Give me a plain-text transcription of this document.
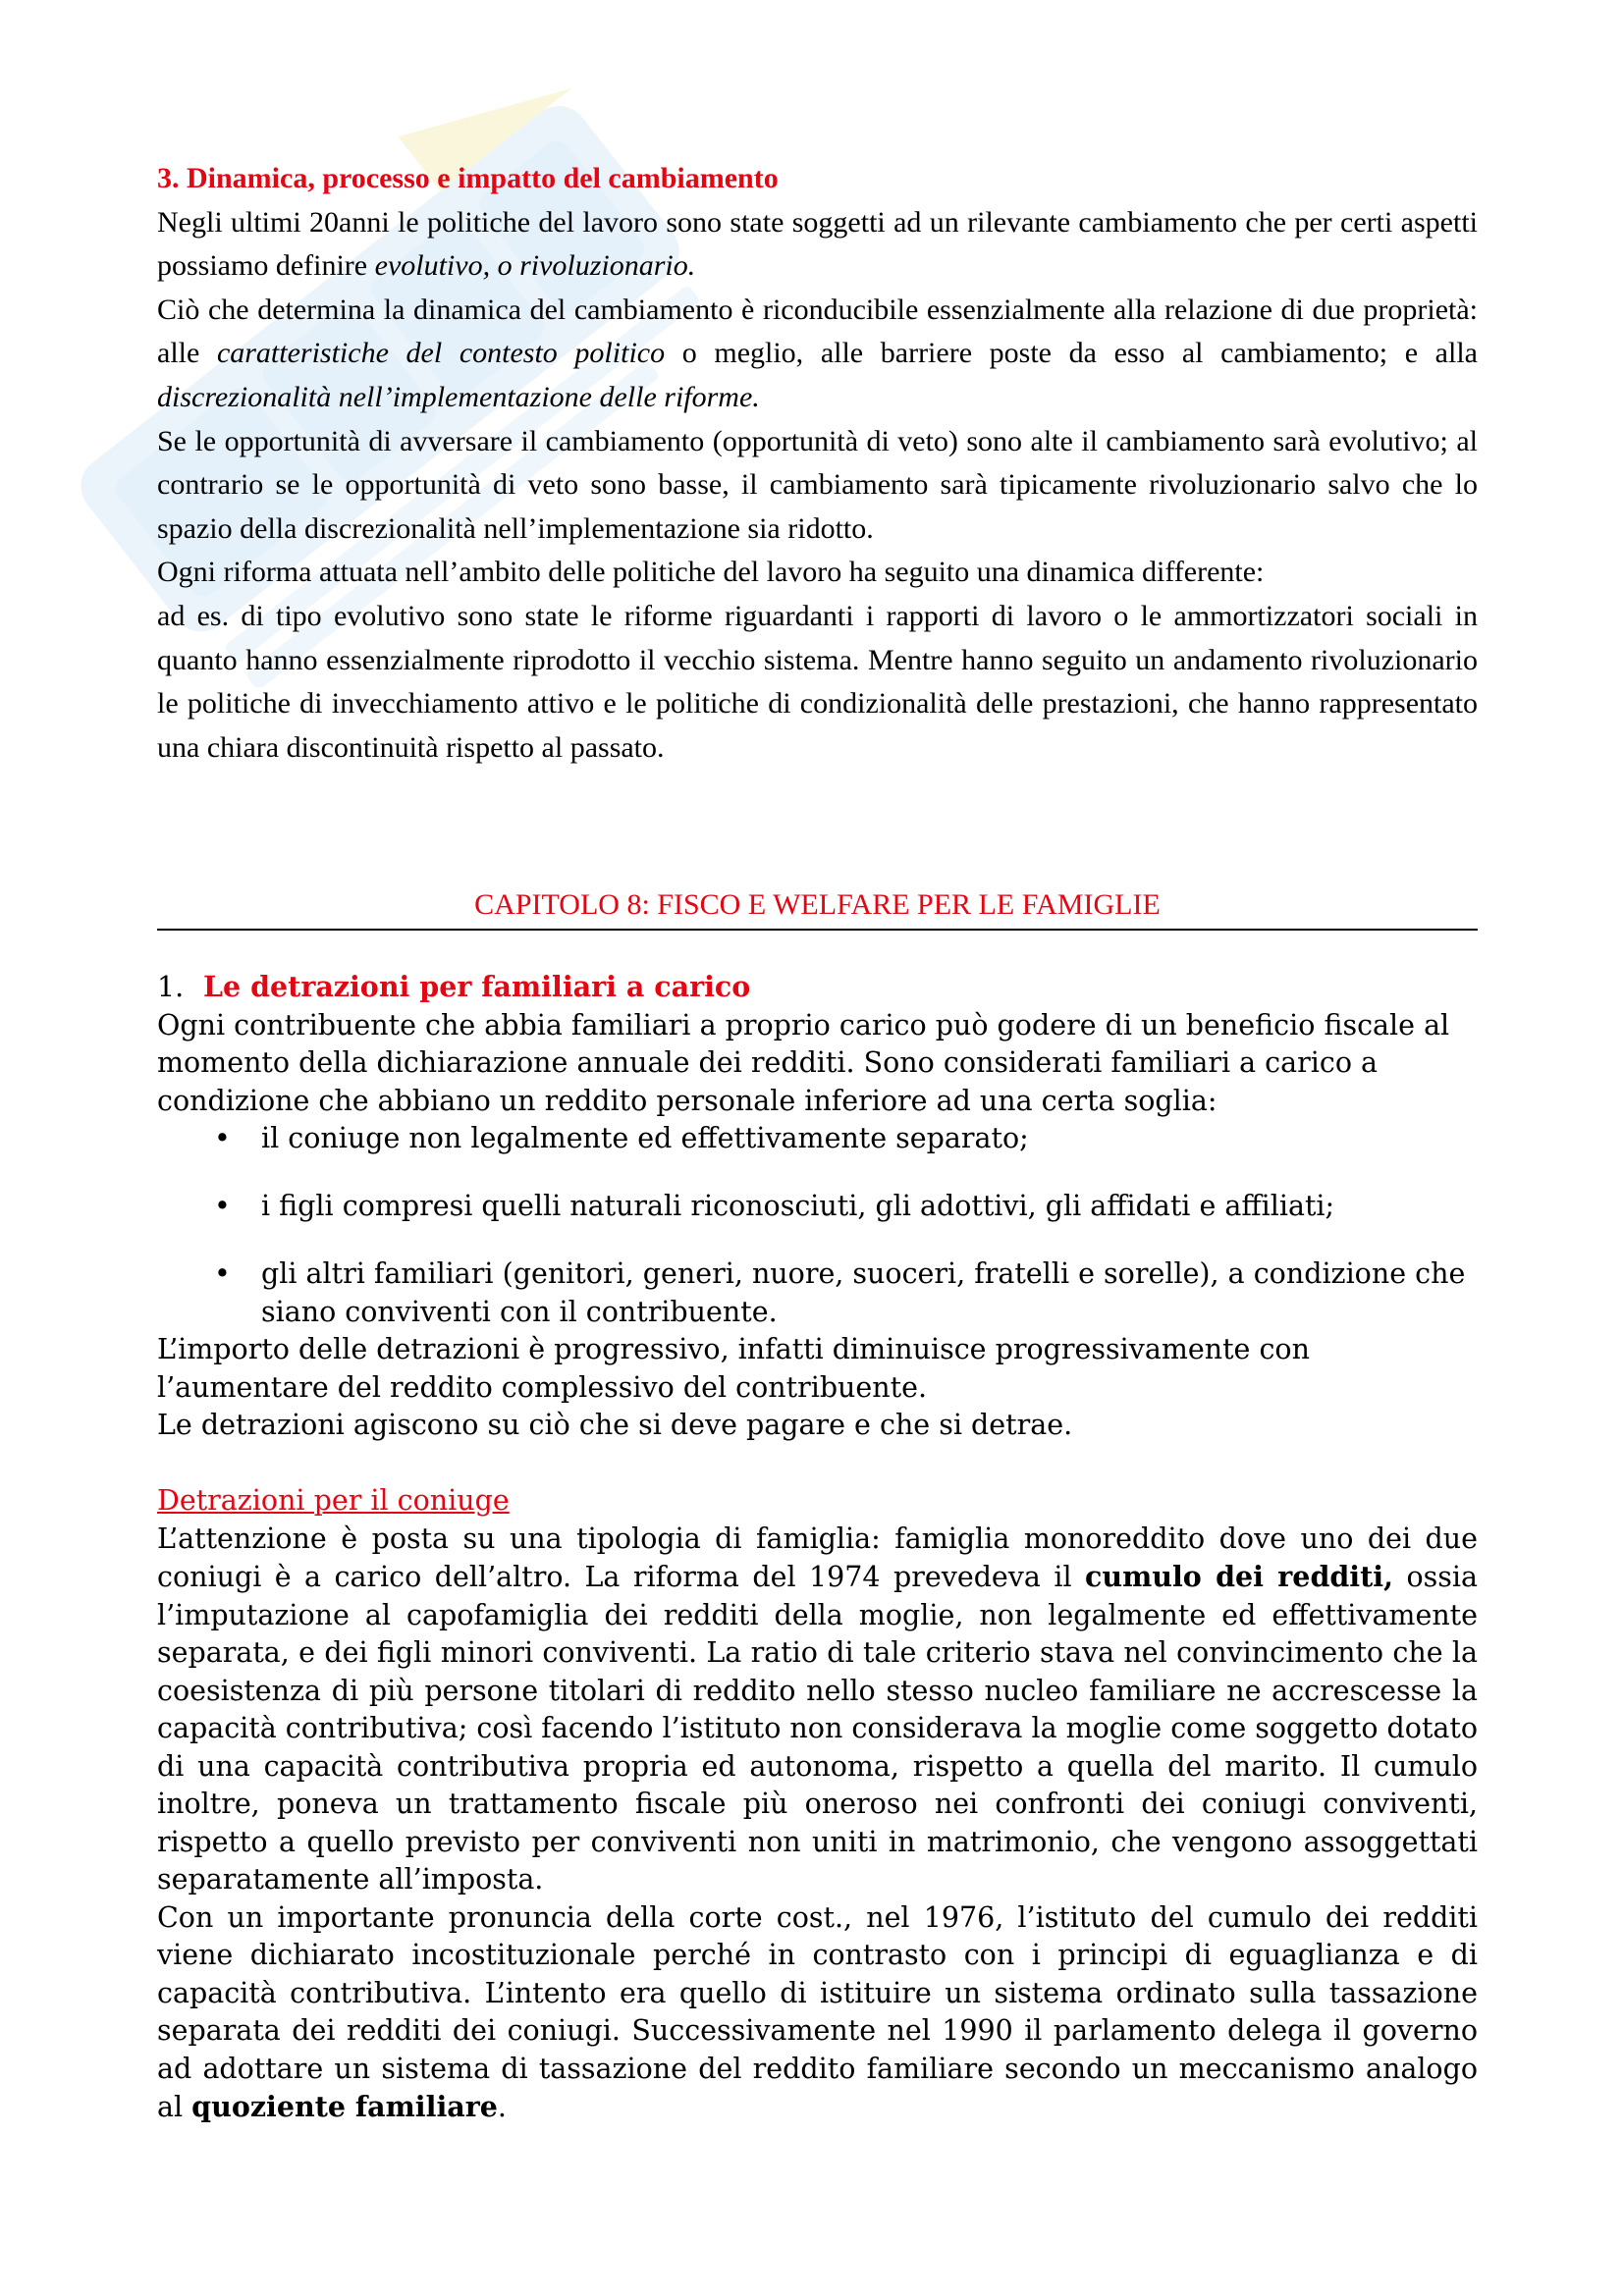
3. Dinamica, processo e impatto del cambiamento

Negli ultimi 20anni le politiche del lavoro sono state soggetti ad un rilevante cambiamento che per certi aspetti possiamo definire evolutivo, o rivoluzionario.

Ciò che determina la dinamica del cambiamento è riconducibile essenzialmente alla relazione di due proprietà: alle caratteristiche del contesto politico o meglio, alle barriere poste da esso al cambiamento; e alla discrezionalità nell’implementazione delle riforme.

Se le opportunità di avversare il cambiamento (opportunità di veto) sono alte il cambiamento sarà evolutivo; al contrario se le opportunità di veto sono basse, il cambiamento sarà tipicamente rivoluzionario salvo che lo spazio della discrezionalità nell’implementazione sia ridotto.

Ogni riforma attuata nell’ambito delle politiche del lavoro ha seguito una dinamica differente:

ad es. di tipo evolutivo sono state le riforme riguardanti i rapporti di lavoro o le ammortizzatori sociali in quanto hanno essenzialmente riprodotto il vecchio sistema. Mentre hanno seguito un andamento rivoluzionario le politiche di invecchiamento attivo e le politiche di condizionalità delle prestazioni, che hanno rappresentato una chiara discontinuità rispetto al passato.

CAPITOLO 8: FISCO E WELFARE PER LE FAMIGLIE

1. Le detrazioni per familiari a carico

Ogni contribuente che abbia familiari a proprio carico può godere di un beneficio fiscale al momento della dichiarazione annuale dei redditi. Sono considerati familiari a carico a condizione che abbiano un reddito personale inferiore ad una certa soglia:

• il coniuge non legalmente ed effettivamente separato;
• i figli compresi quelli naturali riconosciuti, gli adottivi, gli affidati e affiliati;
• gli altri familiari (genitori, generi, nuore, suoceri, fratelli e sorelle), a condizione che siano conviventi con il contribuente.

L’importo delle detrazioni è progressivo, infatti diminuisce progressivamente con l’aumentare del reddito complessivo del contribuente.

Le detrazioni agiscono su ciò che si deve pagare e che si detrae.

Detrazioni per il coniuge

L’attenzione è posta su una tipologia di famiglia: famiglia monoreddito dove uno dei due coniugi è a carico dell’altro. La riforma del 1974 prevedeva il cumulo dei redditi, ossia l’imputazione al capofamiglia dei redditi della moglie, non legalmente ed effettivamente separata, e dei figli minori conviventi. La ratio di tale criterio stava nel convincimento che la coesistenza di più persone titolari di reddito nello stesso nucleo familiare ne accrescesse la capacità contributiva; così facendo l’istituto non considerava la moglie come soggetto dotato di una capacità contributiva propria ed autonoma, rispetto a quella del marito. Il cumulo inoltre, poneva un trattamento fiscale più oneroso nei confronti dei coniugi conviventi, rispetto a quello previsto per conviventi non uniti in matrimonio, che vengono assoggettati separatamente all’imposta.

Con un importante pronuncia della corte cost., nel 1976, l’istituto del cumulo dei redditi viene dichiarato incostituzionale perché in contrasto con i principi di eguaglianza e di capacità contributiva. L’intento era quello di istituire un sistema ordinato sulla tassazione separata dei redditi dei coniugi. Successivamente nel 1990 il parlamento delega il governo ad adottare un sistema di tassazione del reddito familiare secondo un meccanismo analogo al quoziente familiare.
